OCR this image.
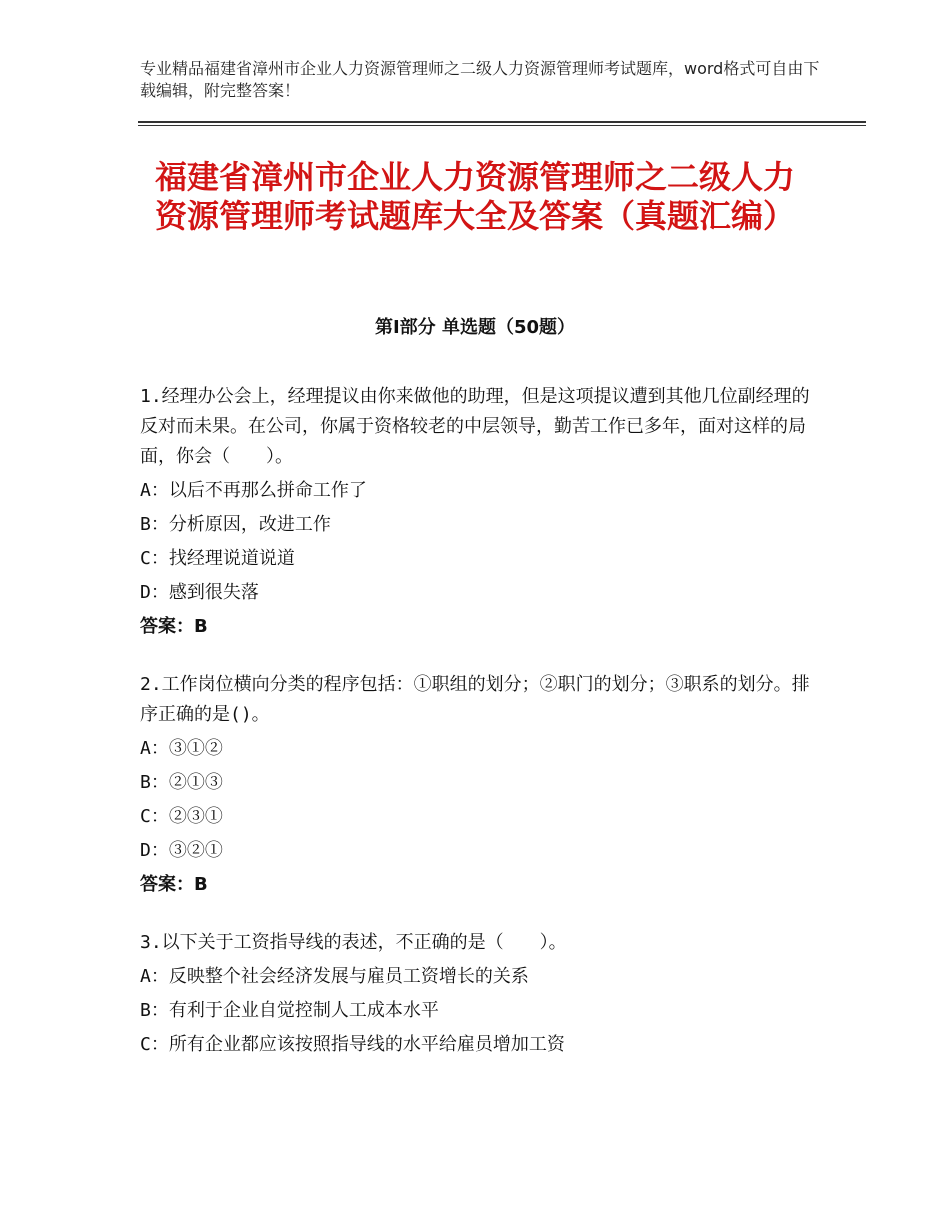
专业精品福建省漳州市企业人力资源管理师之二级人力资源管理师考试题库，word格式可自由下载编辑，附完整答案！
福建省漳州市企业人力资源管理师之二级人力资源管理师考试题库大全及答案（真题汇编）
第Ⅰ部分 单选题（50题）

1.经理办公会上，经理提议由你来做他的助理，但是这项提议遭到其他几位副经理的反对而未果。在公司，你属于资格较老的中层领导，勤苦工作已多年，面对这样的局面，你会（　　）。

A：以后不再那么拼命工作了

B：分析原因，改进工作

C：找经理说道说道

D：感到很失落

答案：B

2.工作岗位横向分类的程序包括：①职组的划分；②职门的划分；③职系的划分。排序正确的是()。

A：③①②

B：②①③

C：②③①

D：③②①

答案：B

3.以下关于工资指导线的表述，不正确的是（　　）。

A：反映整个社会经济发展与雇员工资增长的关系

B：有利于企业自觉控制人工成本水平

C：所有企业都应该按照指导线的水平给雇员增加工资
